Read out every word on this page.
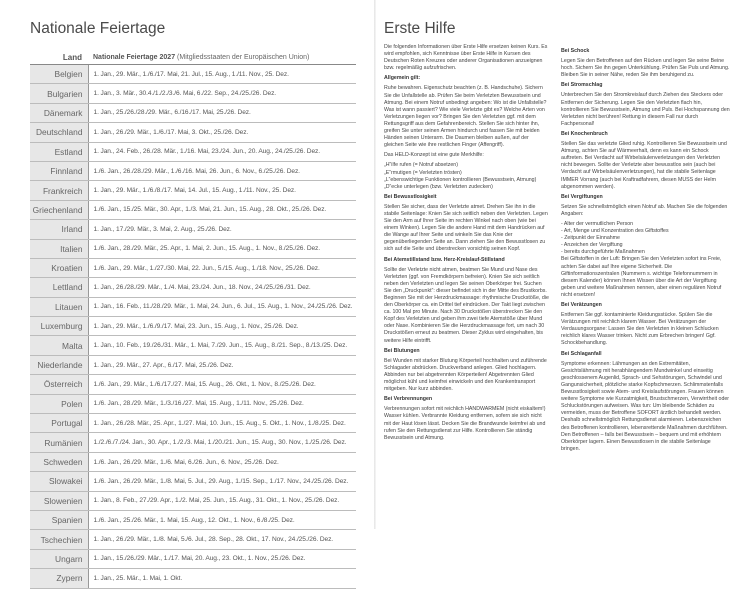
Nationale Feiertage
Land	Nationale Feiertage 2027 (Mitgliedsstaaten der Europäischen Union)
Belgien	1. Jan., 29. Mär., 1./6./17. Mai, 21. Jul., 15. Aug., 1./11. Nov., 25. Dez.
Bulgarien	1. Jan., 3. Mär., 30.4./1./2./3./6. Mai, 6./22. Sep., 24./25./26. Dez.
Dänemark	1. Jan., 25./26./28./29. Mär., 6./16./17. Mai, 25./26. Dez.
Deutschland	1. Jan., 26./29. Mär., 1./6./17. Mai, 3. Okt., 25./26. Dez.
Estland	1. Jan., 24. Feb., 26./28. Mär., 1./16. Mai, 23./24. Jun., 20. Aug., 24./25./26. Dez.
Finnland	1./6. Jan., 26./28./29. Mär., 1./6./16. Mai, 26. Jun., 6. Nov., 6./25./26. Dez.
Frankreich	1. Jan., 29. Mär., 1./6./8./17. Mai, 14. Jul., 15. Aug., 1./11. Nov., 25. Dez.
Griechenland	1./6. Jan., 15./25. Mär., 30. Apr., 1./3. Mai, 21. Jun., 15. Aug., 28. Okt., 25./26. Dez.
Irland	1. Jan., 17./29. Mär., 3. Mai, 2. Aug., 25./26. Dez.
Italien	1./6. Jan., 28./29. Mär., 25. Apr., 1. Mai, 2. Jun., 15. Aug., 1. Nov., 8./25./26. Dez.
Kroatien	1./6. Jan., 29. Mär., 1./27./30. Mai, 22. Jun., 5./15. Aug., 1./18. Nov., 25./26. Dez.
Lettland	1. Jan., 26./28./29. Mär., 1./4. Mai, 23./24. Jun., 18. Nov., 24./25./26./31. Dez.
Litauen	1. Jan., 16. Feb., 11./28./29. Mär., 1. Mai, 24. Jun., 6. Jul., 15. Aug., 1. Nov., 24./25./26. Dez.
Luxemburg	1. Jan., 29. Mär., 1./6./9./17. Mai, 23. Jun., 15. Aug., 1. Nov., 25./26. Dez.
Malta	1. Jan., 10. Feb., 19./26./31. Mär., 1. Mai, 7./29. Jun., 15. Aug., 8./21. Sep., 8./13./25. Dez.
Niederlande	1. Jan., 29. Mär., 27. Apr., 6./17. Mai, 25./26. Dez.
Österreich	1./6. Jan., 29. Mär., 1./6./17./27. Mai, 15. Aug., 26. Okt., 1. Nov., 8./25./26. Dez.
Polen	1./6. Jan., 28./29. Mär., 1./3./16./27. Mai, 15. Aug., 1./11. Nov., 25./26. Dez.
Portugal	1. Jan., 26./28. Mär., 25. Apr., 1./27. Mai, 10. Jun., 15. Aug., 5. Okt., 1. Nov., 1./8./25. Dez.
Rumänien	1./2./6./7./24. Jan., 30. Apr., 1./2./3. Mai, 1./20./21. Jun., 15. Aug., 30. Nov., 1./25./26. Dez.
Schweden	1./6. Jan., 26./29. Mär., 1./6. Mai, 6./26. Jun., 6. Nov., 25./26. Dez.
Slowakei	1./6. Jan., 26./29. Mär., 1./8. Mai, 5. Jul., 29. Aug., 1./15. Sep., 1./17. Nov., 24./25./26. Dez.
Slowenien	1. Jan., 8. Feb., 27./29. Apr., 1./2. Mai, 25. Jun., 15. Aug., 31. Okt., 1. Nov., 25./26. Dez.
Spanien	1./6. Jan., 25./26. Mär., 1. Mai, 15. Aug., 12. Okt., 1. Nov., 6./8./25. Dez.
Tschechien	1. Jan., 26./29. Mär., 1./8. Mai, 5./6. Jul., 28. Sep., 28. Okt., 17. Nov., 24./25./26. Dez.
Ungarn	1. Jan., 15./26./29. Mär., 1./17. Mai, 20. Aug., 23. Okt., 1. Nov., 25./26. Dez.
Zypern	1. Jan., 25. Mär., 1. Mai, 1. Okt.
Erste Hilfe

Die folgenden Informationen über Erste Hilfe ersetzen keinen Kurs. Es wird empfohlen, sich Kenntnisse über Erste Hilfe in Kursen des Deutschen Roten Kreuzes oder anderer Organisationen anzueignen bzw. regelmäßig aufzufrischen.

Allgemein gilt:

Ruhe bewahren. Eigenschutz beachten (z. B. Handschuhe). Sichern Sie die Unfallstelle ab. Prüfen Sie beim Verletzten Bewusstsein und Atmung. Bei einem Notruf unbedingt angeben: Wo ist die Unfallstelle? Was ist wann passiert? Wie viele Verletzte gibt es? Welche Arten von Verletzungen liegen vor? Bringen Sie den Verletzten ggf. mit dem Rettungsgriff aus dem Gefahrenbereich. Stellen Sie sich hinter ihn, greifen Sie unter seinen Armen hindurch und fassen Sie mit beiden Händen seinen Unterarm. Die Daumen bleiben außen, auf der gleichen Seite wie ihre restlichen Finger (Affengriff).

Das HELD-Konzept ist eine gute Merkhilfe:

„H“ilfe rufen (= Notruf absetzen)

„E“rmutigen (= Verletzten trösten)

„L“ebenswichtige Funktionen kontrollieren (Bewusstsein, Atmung)

„D“ecke unterlegen (bzw. Verletzten zudecken)

Bei Bewusstlosigkeit

Stellen Sie sicher, dass der Verletzte atmet. Drehen Sie ihn in die stabile Seitenlage: Knien Sie sich seitlich neben den Verletzten. Legen Sie den Arm auf Ihrer Seite im rechten Winkel nach oben (wie bei einem Winken). Legen Sie die andere Hand mit dem Handrücken auf die Wange auf Ihrer Seite und winkeln Sie das Knie der gegenüberliegenden Seite an. Dann ziehen Sie den Bewusstlosen zu sich auf die Seite und überstrecken vorsichtig seinen Kopf.

Bei Atemstillstand bzw. Herz-Kreislauf-Stillstand

Sollte der Verletzte nicht atmen, beatmen Sie Mund und Nase des Verletzten (ggf. von Fremdkörpern befreien). Knien Sie sich seitlich neben den Verletzten und legen Sie seinen Oberkörper frei. Suchen Sie den „Druckpunkt“: dieser befindet sich in der Mitte des Brustkorbs. Beginnen Sie mit der Herzdruckmassage: rhythmische Druckstöße, die den Oberkörper ca. ein Drittel tief eindrücken. Der Takt liegt zwischen ca. 100 Mal pro Minute. Nach 30 Druckstößen überstrecken Sie den Kopf des Verletzten und geben ihm zwei tiefe Atemstöße über Mund oder Nase. Kombinieren Sie die Herzdruckmassage fort, um nach 30 Druckstößen erneut zu beatmen. Dieser Zyklus wird eingehalten, bis weitere Hilfe eintrifft.

Bei Blutungen

Bei Wunden mit starker Blutung Körperteil hochhalten und zuführende Schlagader abdrücken. Druckverband anlegen. Glied hochlagern. Abbinden nur bei abgetrennten Körperteilen! Abgetrennten Glied möglichst kühl und keimfrei einwickeln und den Krankentransport mitgeben. Nur kurz abbinden.

Bei Verbrennungen

Verbrennungen sofort mit reichlich HANDWARMEM (nicht eiskaltem!) Wasser kühlen. Verbrannte Kleidung entfernen, sofern sie sich nicht mit der Haut lösen lässt. Decken Sie die Brandwunde keimfrei ab und rufen Sie den Rettungsdienst zur Hilfe. Kontrollieren Sie ständig Bewusstsein und Atmung.

Bei Schock

Legen Sie den Betroffenen auf den Rücken und legen Sie seine Beine hoch. Sichern Sie ihn gegen Unterkühlung. Prüfen Sie Puls und Atmung. Bleiben Sie in seiner Nähe, reden Sie ihm beruhigend zu.

Bei Stromschlag

Unterbrechen Sie den Stromkreislauf durch Ziehen des Steckers oder Entfernen der Sicherung. Legen Sie den Verletzten flach hin, kontrollieren Sie Bewusstsein, Atmung und Puls. Bei Hochspannung den Verletzten nicht berühren! Rettung in diesem Fall nur durch Fachpersonal!

Bei Knochenbruch

Stellen Sie das verletzte Glied ruhig. Kontrollieren Sie Bewusstsein und Atmung, achten Sie auf Wärmeerhalt, denn es kann ein Schock auftreten. Bei Verdacht auf Wirbelsäulenverletzungen den Verletzten nicht bewegen. Sollte der Verletzte aber bewusstlos sein (auch bei Verdacht auf Wirbelsäulenverletzungen), hat die stabile Seitenlage IMMER Vorrang (auch bei Kraftradfahrern, diesen MUSS der Helm abgenommen werden).

Bei Vergiftungen

Setzen Sie schnellstmöglich einen Notruf ab. Machen Sie die folgenden Angaben:

- Alter der vermutlichen Person

- Art, Menge und Konzentration des Giftstoffes

- Zeitpunkt der Einnahme

- Anzeichen der Vergiftung

- bereits durchgeführte Maßnahmen

Bei Giftstoffen in der Luft: Bringen Sie den Verletzten sofort ins Freie, achten Sie dabei auf Ihre eigene Sicherheit. Die Giftinformationszentralen (Nummern s. wichtige Telefonnummern in diesem Kalender) können Ihnen Wissen über die Art der Vergiftung geben und weitere Maßnahmen nennen, aber einen regulären Notruf nicht ersetzen!

Bei Verätzungen

Entfernen Sie ggf. kontaminierte Kleidungsstücke. Spülen Sie die Verätzungen mit reichlich klarem Wasser. Bei Verätzungen der Verdauungsorgane: Lassen Sie den Verletzten in kleinen Schlucken reichlich klares Wasser trinken. Nicht zum Erbrechen bringen! Ggf. Schockbehandlung.

Bei Schlaganfall

Symptome erkennen: Lähmungen an den Extremitäten, Gesichtslähmung mit herabhängendem Mundwinkel und einseitig geschlossenem Augenlid, Sprach- und Sehstörungen, Schwindel und Gangunsicherheit, plötzliche starke Kopfschmerzen. Schlimmstenfalls Bewusstlosigkeit sowie Atem- und Kreislaufstörungen. Frauen können weitere Symptome wie Kurzatmigkeit, Brustschmerzen, Verwirrtheit oder Schluckstörungen aufweisen. Was tun: Um bleibende Schäden zu vermeiden, muss der Betroffene SOFORT ärztlich behandelt werden. Deshalb schnellstmöglich Rettungsdienst alarmieren. Lebenszeichen des Betroffenen kontrollieren, lebensrettende Maßnahmen durchführen. Den Betroffenen – falls bei Bewusstsein – bequem und mit erhöhtem Oberkörper lagern. Einen Bewusstlosen in die stabile Seitenlage bringen.
